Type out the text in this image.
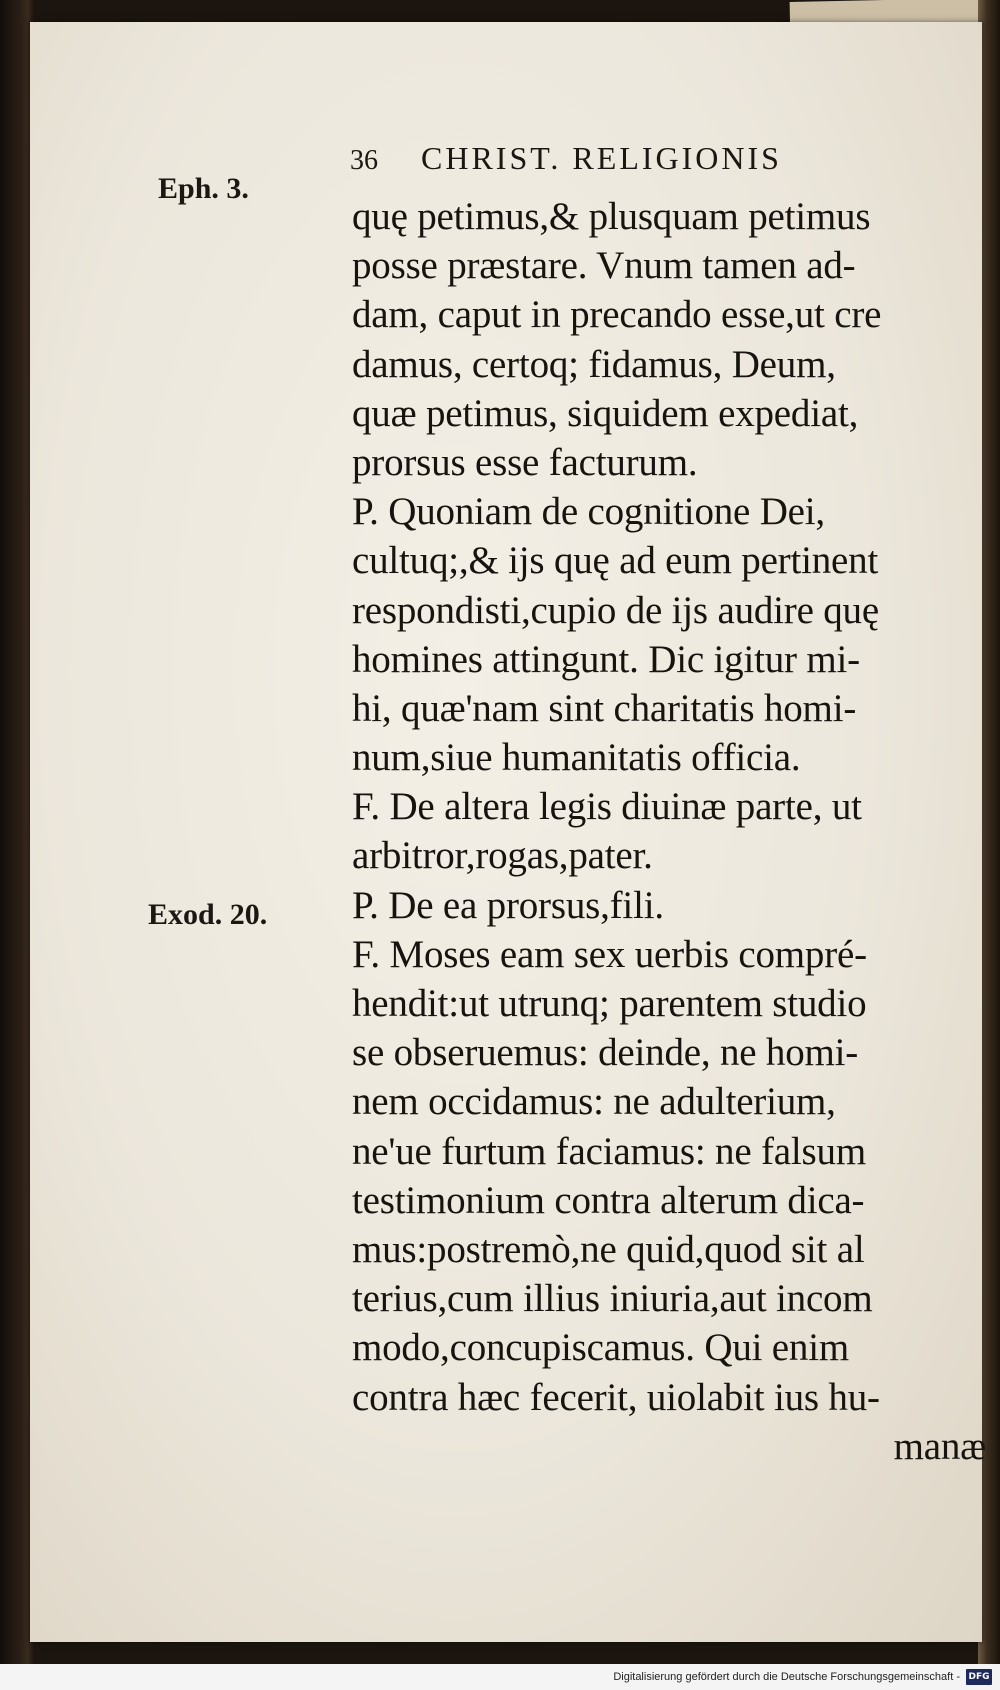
36 CHRIST. RELIGIONIS
Eph. 3.
Exod. 20.
quę petimus,& plusquam petimus
posse præstare. Vnum tamen ad-
dam, caput in precando esse,ut cre
damus, certoq; fidamus, Deum,
quæ petimus, siquidem expediat,
prorsus esse facturum.
P. Quoniam de cognitione Dei,
cultuq;,& ijs quę ad eum pertinent
respondisti,cupio de ijs audire quę
homines attingunt. Dic igitur mi-
hi, quæ'nam sint charitatis homi-
num,siue humanitatis officia.
F. De altera legis diuinæ parte, ut
arbitror,rogas,pater.
P. De ea prorsus,fili.
F. Moses eam sex uerbis compré-
hendit:ut utrunq; parentem studio
se obseruemus: deinde, ne homi-
nem occidamus: ne adulterium,
ne'ue furtum faciamus: ne falsum
testimonium contra alterum dica-
mus:postremò,ne quid,quod sit al
terius,cum illius iniuria,aut incom
modo,concupiscamus. Qui enim
contra hæc fecerit, uiolabit ius hu-
manæ
Digitalisierung gefördert durch die Deutsche Forschungsgemeinschaft - DFG
